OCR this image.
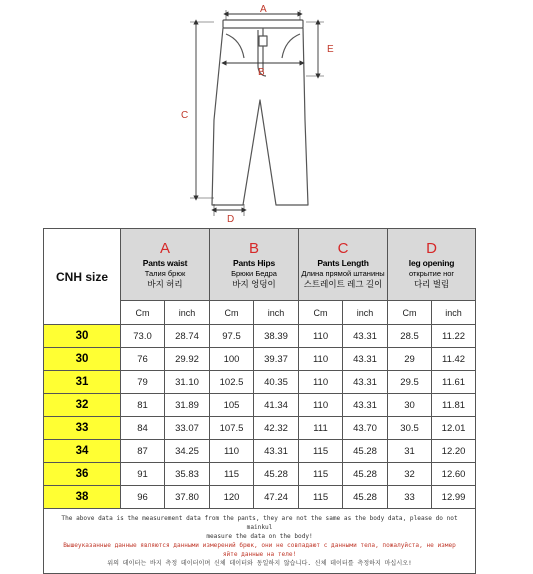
A
B
C
E
D
CNH size	A
Pants waist
Талия брюк
바지 허리		B
Pants Hips
Брюки Бедра
바지 엉덩이		C
Pants Length
Длина прямой штанины
스트레이트 레그 길이		D
leg opening
открытие ног
다리 벌림	

	Cm	inch	Cm	inch	Cm	inch	Cm	inch
30	73.0	28.74	97.5	38.39	110	43.31	28.5	11.22
30	76	29.92	100	39.37	110	43.31	29	11.42
31	79	31.10	102.5	40.35	110	43.31	29.5	11.61
32	81	31.89	105	41.34	110	43.31	30	11.81
33	84	33.07	107.5	42.32	111	43.70	30.5	12.01
34	87	34.25	110	43.31	115	45.28	31	12.20
36	91	35.83	115	45.28	115	45.28	32	12.60
38	96	37.80	120	47.24	115	45.28	33	12.99

The above data is the measurement data from the pants, they are not the same as the body data, please do not mainkul
measure the data on the body!
Вышеуказанные данные являются данными измерений брюк, они не совпадают с данными тела, пожалуйста, не измер
яйте данные на теле!
위의 데이터는 바지 측정 데이터이며 신체 데이터와 동일하지 않습니다. 신체 데이터를 측정하지 마십시오!								
